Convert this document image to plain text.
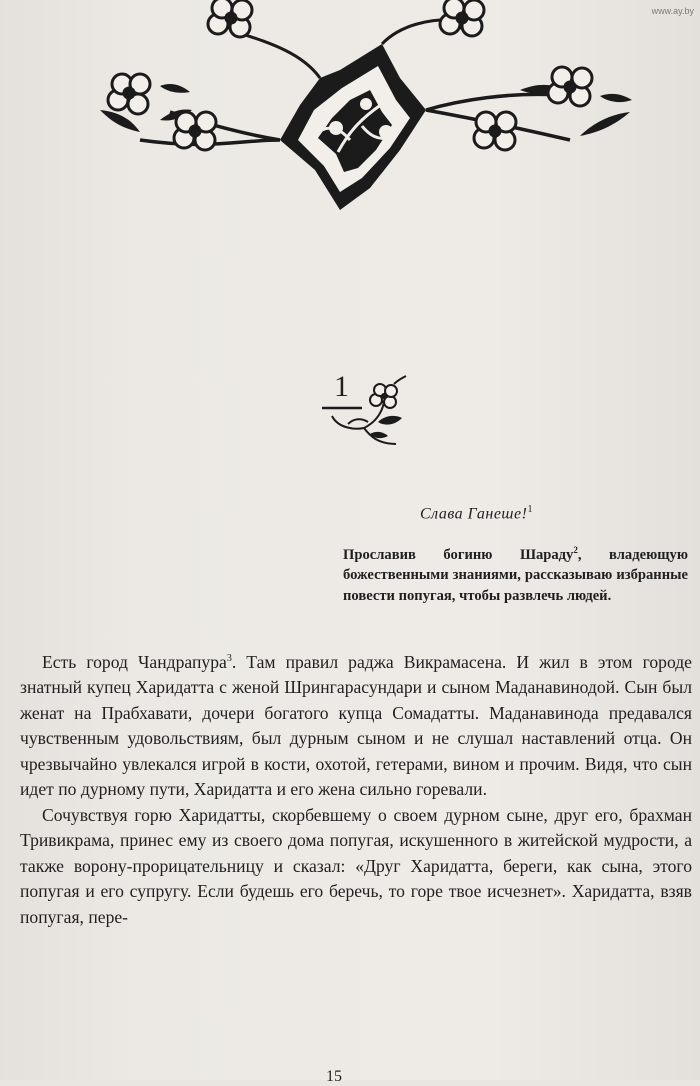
www.ay.by
1
Слава Ганеше!$^1$
Прославив богиню Шараду$^2$, владеющую божественными знаниями, рассказываю избранные повести попугая, чтобы развлечь людей.

Есть город Чандрапура$^3$. Там правил раджа Викрамасена. И жил в этом городе знатный купец Харидатта с женой Шрингарасундари и сыном Маданавинодой. Сын был женат на Прабхавати, дочери богатого купца Сомадатты. Маданавинода предавался чувственным удовольствиям, был дурным сыном и не слушал наставлений отца. Он чрезвычайно увлекался игрой в кости, охотой, гетерами, вином и прочим. Видя, что сын идет по дурному пути, Харидатта и его жена сильно горевали.

Сочувствуя горю Харидатты, скорбевшему о своем дурном сыне, друг его, брахман Тривикрама, принес ему из своего дома попугая, искушенного в житейской мудрости, а также ворону-прорицательницу и сказал: «Друг Харидатта, береги, как сына, этого попугая и его супругу. Если будешь его беречь, то горе твое исчезнет». Харидатта, взяв попугая, пере-

15
